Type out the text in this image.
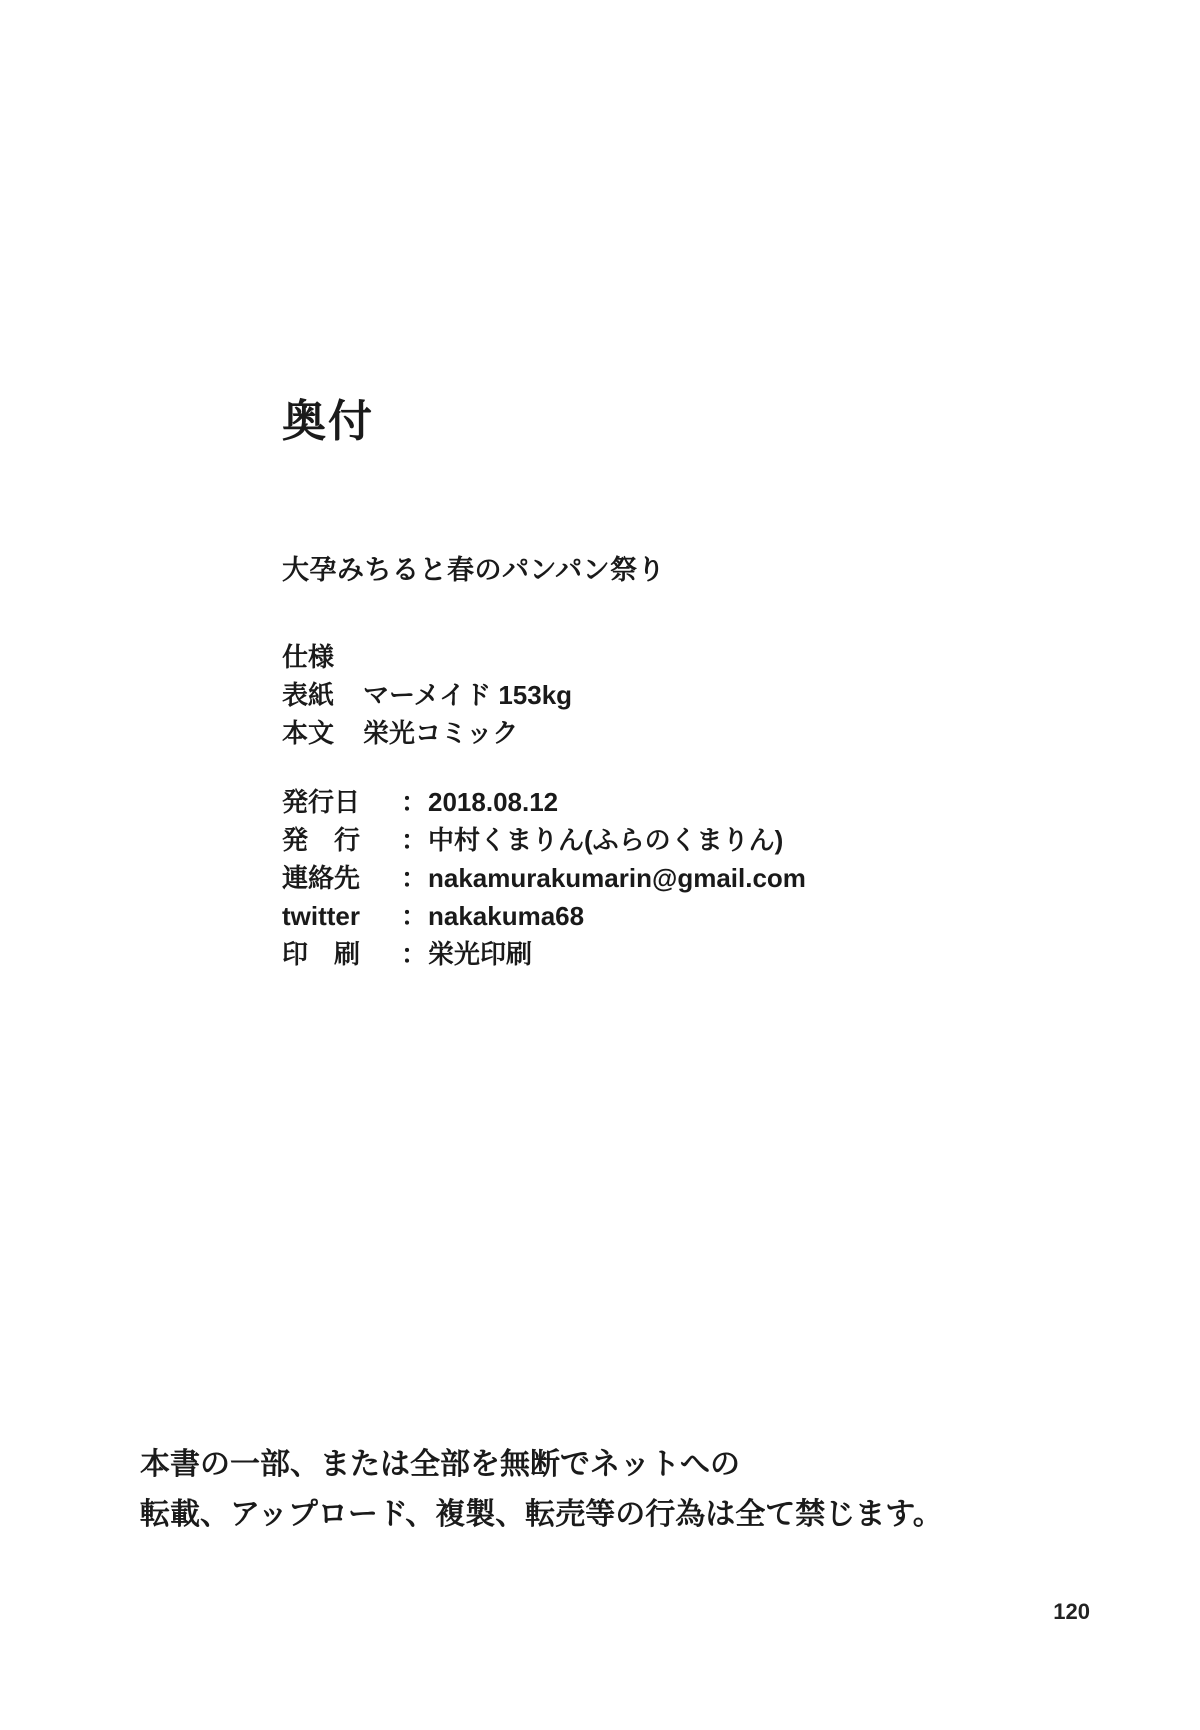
奥付
大孕みちると春のパンパン祭り
仕様
表紙 マーメイド 153kg
本文 栄光コミック
発行日	： 2018.08.12
発　行	： 中村くまりん(ふらのくまりん)
連絡先	： nakamurakumarin@gmail.com
twitter	： nakakuma68
印　刷	： 栄光印刷
本書の一部、または全部を無断でネットへの
転載、アップロード、複製、転売等の行為は全て禁じます。
120
